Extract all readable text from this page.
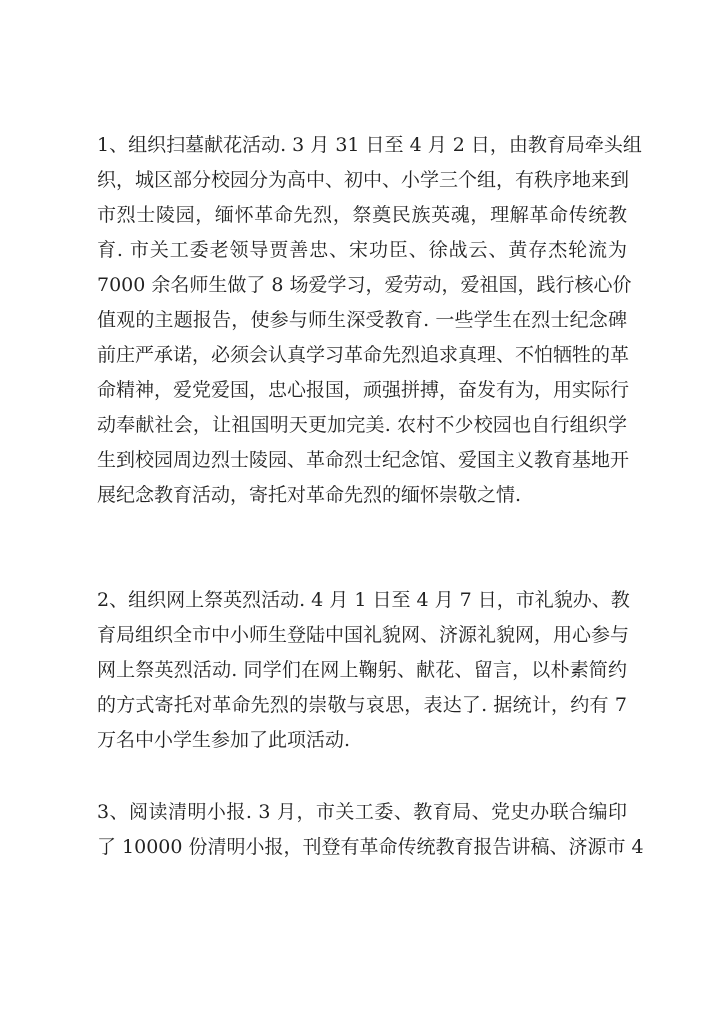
1、组织扫墓献花活动. 3 月 31 日至 4 月 2 日，由教育局牵头组
织，城区部分校园分为高中、初中、小学三个组，有秩序地来到
市烈士陵园，缅怀革命先烈，祭奠民族英魂，理解革命传统教
育. 市关工委老领导贾善忠、宋功臣、徐战云、黄存杰轮流为
7000 余名师生做了 8 场爱学习，爱劳动，爱祖国，践行核心价
值观的主题报告，使参与师生深受教育. 一些学生在烈士纪念碑
前庄严承诺，必须会认真学习革命先烈追求真理、不怕牺牲的革
命精神，爱党爱国，忠心报国，顽强拼搏，奋发有为，用实际行
动奉献社会，让祖国明天更加完美. 农村不少校园也自行组织学
生到校园周边烈士陵园、革命烈士纪念馆、爱国主义教育基地开
展纪念教育活动，寄托对革命先烈的缅怀崇敬之情.
2、组织网上祭英烈活动. 4 月 1 日至 4 月 7 日，市礼貌办、教
育局组织全市中小师生登陆中国礼貌网、济源礼貌网，用心参与
网上祭英烈活动. 同学们在网上鞠躬、献花、留言，以朴素简约
的方式寄托对革命先烈的崇敬与哀思，表达了. 据统计，约有 7
万名中小学生参加了此项活动.
3、阅读清明小报. 3 月，市关工委、教育局、党史办联合编印
了 10000 份清明小报，刊登有革命传统教育报告讲稿、济源市 4
